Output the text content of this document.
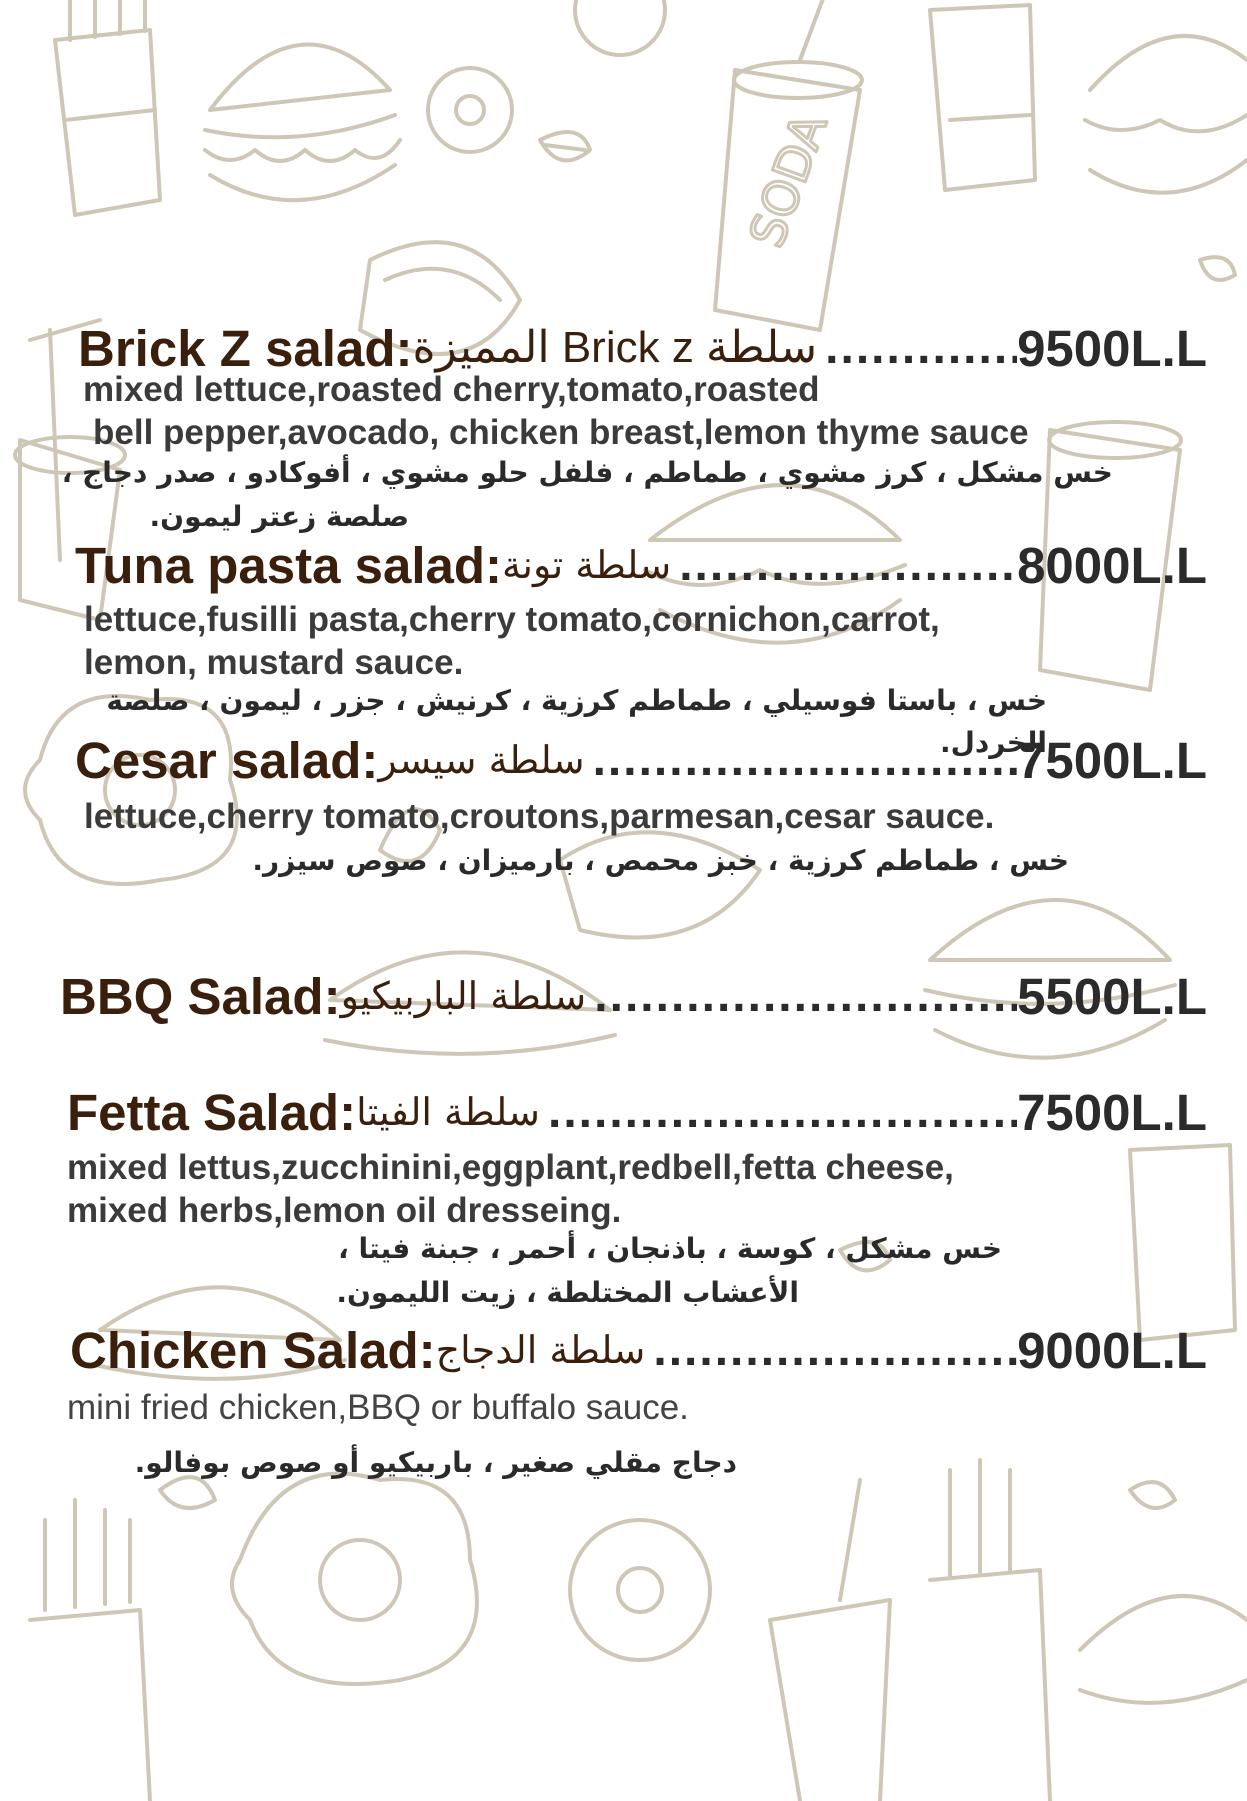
SODA
Brick Z salad: سلطة Brick z المميزة .....	9500L.L
mixed lettuce,roasted cherry,tomato,roasted
bell pepper,avocado, chicken breast,lemon thyme sauce
خس مشكل ، كرز مشوي ، طماطم ، فلفل حلو مشوي ، أفوكادو ، صدر دجاج ،
صلصة زعتر ليمون.
Tuna pasta salad: سلطة تونة .....	8000L.L
lettuce,fusilli pasta,cherry tomato,cornichon,carrot,
lemon, mustard sauce.
خس ، باستا فوسيلي ، طماطم كرزية ، كرنيش ، جزر ، ليمون ، صلصة الخردل.
Cesar salad: سلطة سيسر .....	7500L.L
lettuce,cherry tomato,croutons,parmesan,cesar sauce.
خس ، طماطم كرزية ، خبز محمص ، بارميزان ، صوص سيزر.
BBQ Salad: سلطة الباربيكيو .....	5500L.L
Fetta Salad: سلطة الفيتا .....	7500L.L
mixed lettus,zucchinini,eggplant,redbell,fetta cheese,
mixed herbs,lemon oil dresseing.
خس مشكل ، كوسة ، باذنجان ، أحمر ، جبنة فيتا ،
الأعشاب المختلطة ، زيت الليمون.
Chicken Salad: سلطة الدجاج .....	9000L.L
mini fried chicken,BBQ or buffalo sauce.
دجاج مقلي صغير ، باربيكيو أو صوص بوفالو.
